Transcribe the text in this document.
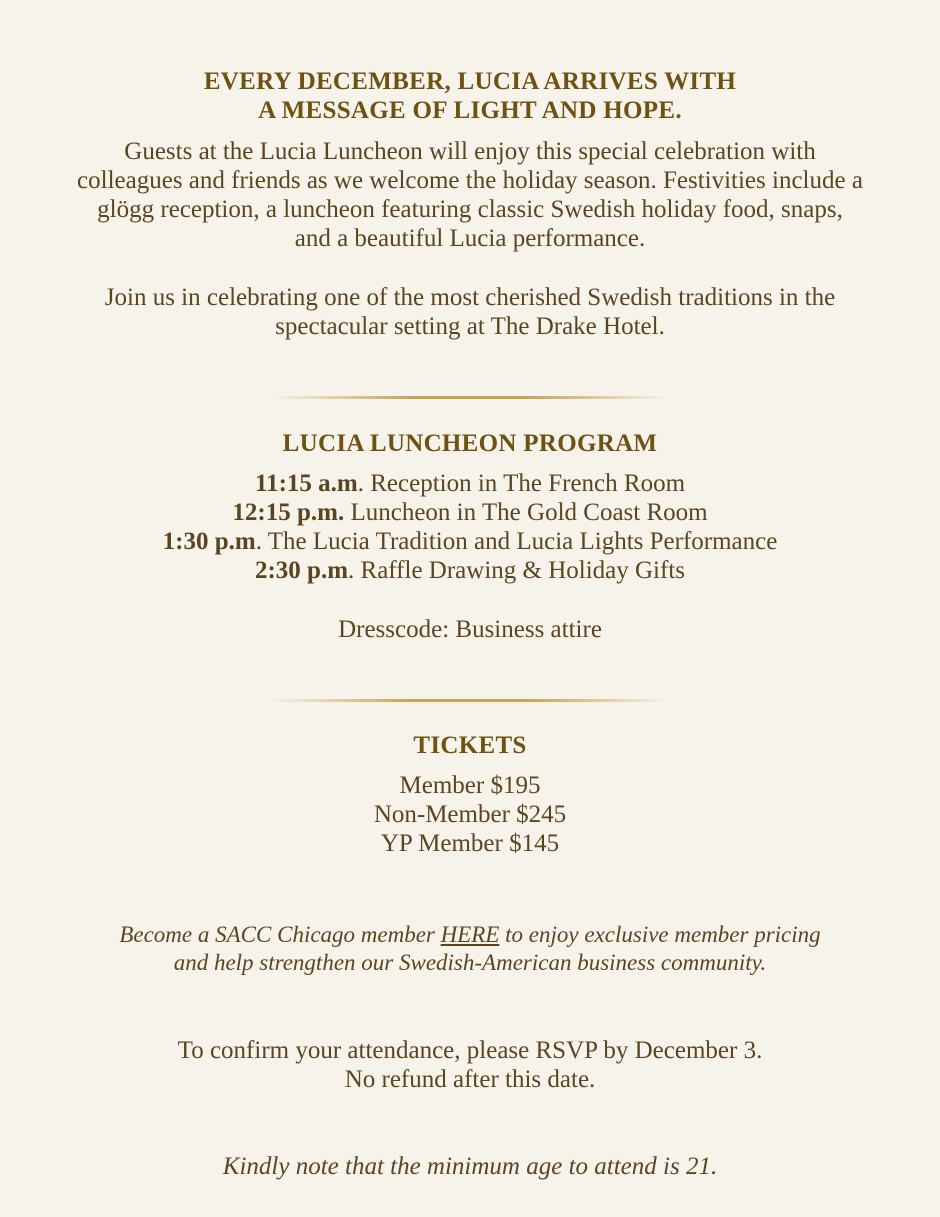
EVERY DECEMBER, LUCIA ARRIVES WITH

A MESSAGE OF LIGHT AND HOPE.

Guests at the Lucia Luncheon will enjoy this special celebration with

colleagues and friends as we welcome the holiday season. Festivities include a

glögg reception, a luncheon featuring classic Swedish holiday food, snaps,

and a beautiful Lucia performance.

Join us in celebrating one of the most cherished Swedish traditions in the

spectacular setting at The Drake Hotel.

LUCIA LUNCHEON PROGRAM

11:15 a.m. Reception in The French Room

12:15 p.m. Luncheon in The Gold Coast Room

1:30 p.m. The Lucia Tradition and Lucia Lights Performance

2:30 p.m. Raffle Drawing & Holiday Gifts

Dresscode: Business attire

TICKETS

Member $195

Non-Member $245

YP Member $145

Become a SACC Chicago member HERE to enjoy exclusive member pricing

and help strengthen our Swedish-American business community.

To confirm your attendance, please RSVP by December 3.

No refund after this date.

Kindly note that the minimum age to attend is 21.
